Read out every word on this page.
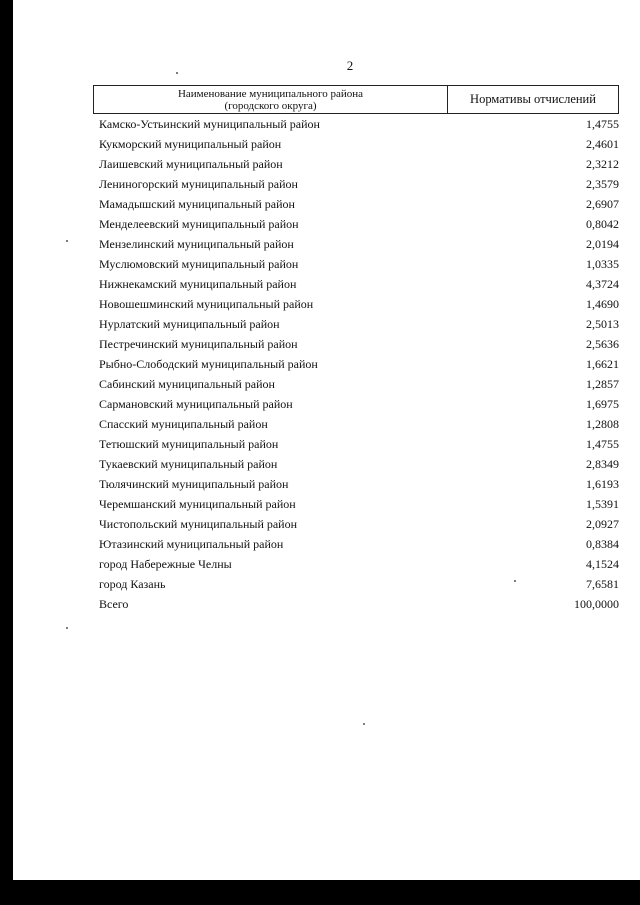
2
Наименование муниципального района
(городского округа)	Нормативы отчислений
Камско-Устьинский муниципальный район	1,4755
Кукморский муниципальный район	2,4601
Лаишевский муниципальный район	2,3212
Лениногорский муниципальный район	2,3579
Мамадышский муниципальный район	2,6907
Менделеевский муниципальный район	0,8042
Мензелинский муниципальный район	2,0194
Муслюмовский муниципальный район	1,0335
Нижнекамский муниципальный район	4,3724
Новошешминский муниципальный район	1,4690
Нурлатский муниципальный район	2,5013
Пестречинский муниципальный район	2,5636
Рыбно-Слободский муниципальный район	1,6621
Сабинский муниципальный район	1,2857
Сармановский муниципальный район	1,6975
Спасский муниципальный район	1,2808
Тетюшский муниципальный район	1,4755
Тукаевский муниципальный район	2,8349
Тюлячинский муниципальный район	1,6193
Черемшанский муниципальный район	1,5391
Чистопольский муниципальный район	2,0927
Ютазинский муниципальный район	0,8384
город Набережные Челны	4,1524
город Казань	7,6581
Всего	100,0000
